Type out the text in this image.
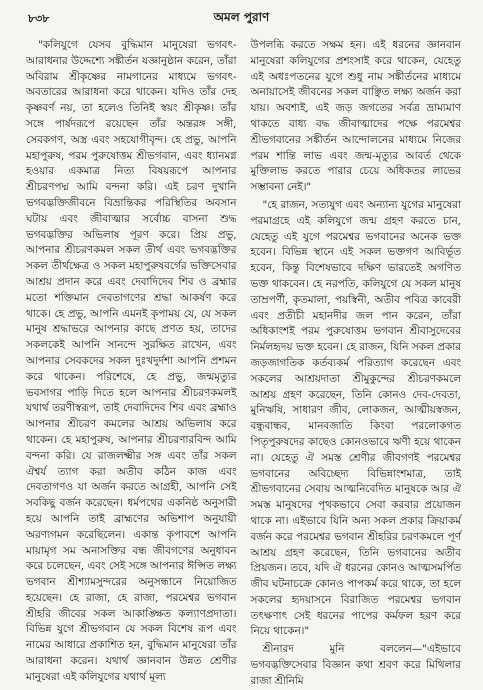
৮৩৮	অমল পুরাণ

"কলিযুগে যেসব বুদ্ধিমান মানুষেরা ভগবৎ-আরাধনার উদ্দেশ্যে সঙ্কীর্তন যজ্ঞানুষ্ঠান করেন, তাঁরা অবিরাম শ্রীকৃষ্ণের নামগানের মাধ্যমে ভগবৎ-অবতারের আরাধনা করে থাকেন। যদিও তাঁর দেহ কৃষ্ণবর্ণ নয়, তা হলেও তিনিই স্বয়ং শ্রীকৃষ্ণ। তাঁর সঙ্গে পার্ষদরূপে রয়েছেন তাঁর অন্তরঙ্গ সঙ্গী, সেবকগণ, অস্ত্র এবং সহযোগীবৃন্দ। হে প্রভু, আপনি মহাপুরুষ, পরম পুরুষোত্তম শ্রীভগবান, এবং ধ্যানমগ্ন হওয়ার একমাত্র নিত্য বিষয়রূপে আপনার শ্রীচরণপদ্ম আমি বন্দনা করি। এই চরণ দুখানি ভগবদ্ভক্তিজীবনে বিভ্রান্তিকর পরিস্থিতির অবসান ঘটায় এবং জীবাত্মার সর্বোচ্চ বাসনা শুদ্ধ ভগবদ্ভক্তির অভিলাষ পূরণ করে। প্রিয় প্রভু, আপনার শ্রীচরণকমল সকল তীর্থ এবং ভগবদ্ভক্তির সকল তীর্থক্ষেত্র ও সকল মহাপুরুষবর্গের ভক্তিসেবার আশ্রয় প্রদান করে এবং দেবাদিদেব শিব ও ব্রহ্মার মতো শক্তিমান দেবতাগণের শ্রদ্ধা আকর্ষণ করে থাকে। হে প্রভু, আপনি এমনই কৃপাময় যে, যে সকল মানুষ শ্রদ্ধাভরে আপনার কাছে প্রণত হয়, তাদের সকলকেই আপনি সানন্দে সুরক্ষিত রাখেন, এবং আপনার সেবকদের সকল দুঃখদুর্দশা আপনি প্রশমন করে থাকেন। পরিশেষে, হে প্রভু, জন্মমৃত্যুর ভবসাগর পাড়ি দিতে হলে আপনার শ্রীচরণকমলই যথার্থ তরণীস্বরূপ, তাই দেবাদিদেব শিব এবং ব্রহ্মাও আপনার শ্রীচরণ কমলের আশ্রয় অভিলাষ করে থাকেন। হে মহাপুরুষ, আপনার শ্রীচরণারবিন্দ আমি বন্দনা করি। যে রাজলক্ষ্মীর সঙ্গ এবং তাঁর সকল ঐশ্বর্য ত্যাগ করা অতীব কঠিন কাজ এবং দেবতাগণও যা অর্জন করতে আগ্রহী, আপনি সেই সবকিছু বর্জন করেছেন। ধর্মপথের একনিষ্ঠ অনুসারী হয়ে আপনি তাই ব্রাহ্মণের অভিশাপ অনুযায়ী অরণ্যগমন করেছিলেন। একান্ত কৃপাবশে আপনি মায়ামৃগ সম অনাসক্তির বন্ধ জীবগণের অনুধাবন করে চলেছেন, এবং সেই সঙ্গে আপনার ঈপ্সিত লক্ষ্য ভগবান শ্রীশ্যামসুন্দরের অনুসন্ধানে নিয়োজিত হয়েছেন। হে রাজা, হে রাজা, পরমেশ্বর ভগবান শ্রীহরি জীবের সকল আকাঙ্ক্ষিত কল্যাণপ্রদাতা। বিভিন্ন যুগে শ্রীভগবান যে সকল বিশেষ রূপ এবং নামের আধারে প্রকাশিত হন, বুদ্ধিমান মানুষেরা তাঁর আরাধনা করেন। যথার্থ জ্ঞানবান উন্নত শ্রেণীর মানুষেরা এই কলিযুগের যথার্থ মূল্য

উপলব্ধি করতে সক্ষম হন। এই ধরনের জ্ঞানবান মানুষেরা কলিযুগের প্রশংসাই করে থাকেন, যেহেতু এই অধঃপতনের যুগে শুধু নাম সঙ্কীর্তনের মাধ্যমে অনায়াসেই জীবনের সকল বাঞ্ছিত লক্ষ্য অর্জন করা যায়। অবশ্যই, এই জড় জগতের সর্বত্র ভ্রাম্যমাণ থাকতে বাধ্য বদ্ধ জীবাত্মাদের পক্ষে পরমেশ্বর শ্রীভগবানের সঙ্কীর্তন আন্দোলনের মাধ্যমে নিজের পরম শান্তি লাভ এবং জন্ম-মৃত্যুর আবর্ত থেকে মুক্তিলাভ করতে পারার চেয়ে অধিকতর লাভের সম্ভাবনা নেই।"

"হে রাজন, সত্যযুগ এবং অন্যান্য যুগের মানুষেরা পরমাগ্রহে এই কলিযুগে জন্ম গ্রহণ করতে চান, যেহেতু এই যুগে পরমেশ্বর ভগবানের অনেক ভক্ত হবেন। বিভিন্ন স্থানে এই সকল ভক্তগণ আবির্ভূত হবেন, কিন্তু বিশেষভাবে দক্ষিণ ভারতেই অগণিত ভক্ত থাকবেন। হে নরপতি, কলিযুগে যে সকল মানুষ তাম্রপর্ণী, কৃতমালা, পয়স্বিনী, অতীব পবিত্র কাবেরী এবং প্রতীচী মহানদীর জল পান করেন, তাঁরা অধিকাংশই পরম পুরুষোত্তম ভগবান শ্রীবাসুদেবের নির্মলহৃদয় ভক্ত হবেন। হে রাজন, যিনি সকল প্রকার জড়জাগতিক কর্তব্যকর্ম পরিত্যাগ করেছেন এবং সকলের আশ্রয়দাতা শ্রীমুকুন্দের শ্রীচরণকমলে আশ্রয় গ্রহণ করেছেন, তিনি কোনও দেব-দেবতা, মুনিঋষি, সাধারণ জীব, লোকজন, আত্মীয়স্বজন, বন্ধুবান্ধব, মানবজাতি কিংবা পরলোকগত পিতৃপুরুষদের কাছেও কোনওভাবে ঋণী হয়ে থাকেন না। যেহেতু ঐ সমস্ত শ্রেণীর জীবগণই পরমেশ্বর ভগবানের অবিচ্ছেদ্য বিভিন্নাংশমাত্র, তাই শ্রীভগবানের সেবায় আত্মনিবেদিত মানুষকে আর ঐ সমস্ত মানুষদের পৃথকভাবে সেবা করবার প্রয়োজন থাকে না। এইভাবে যিনি অন্য সকল প্রকার ক্রিয়াকর্ম বর্জন করে পরমেশ্বর ভগবান শ্রীহরির চরণকমলে পূর্ণ আশ্রয় গ্রহণ করেছেন, তিনি ভগবানের অতীব প্রিয়জন। তবে, যদি ঐ ধরনের কোনও আত্মসমর্পিত জীব ঘটনাচক্রে কোনও পাপকর্ম করে থাকে, তা হলে সকলের হৃদয়াসনে বিরাজিত পরমেশ্বর ভগবান তৎক্ষণাৎ সেই ধরনের পাপের কর্মফল হরণ করে নিয়ে থাকেন।"

শ্রীনারদ মুনি বললেন—"এইভাবে ভগবদ্ভক্তিসেবার বিজ্ঞান কথা শ্রবণ করে মিথিলার রাজা শ্রীনিমি
